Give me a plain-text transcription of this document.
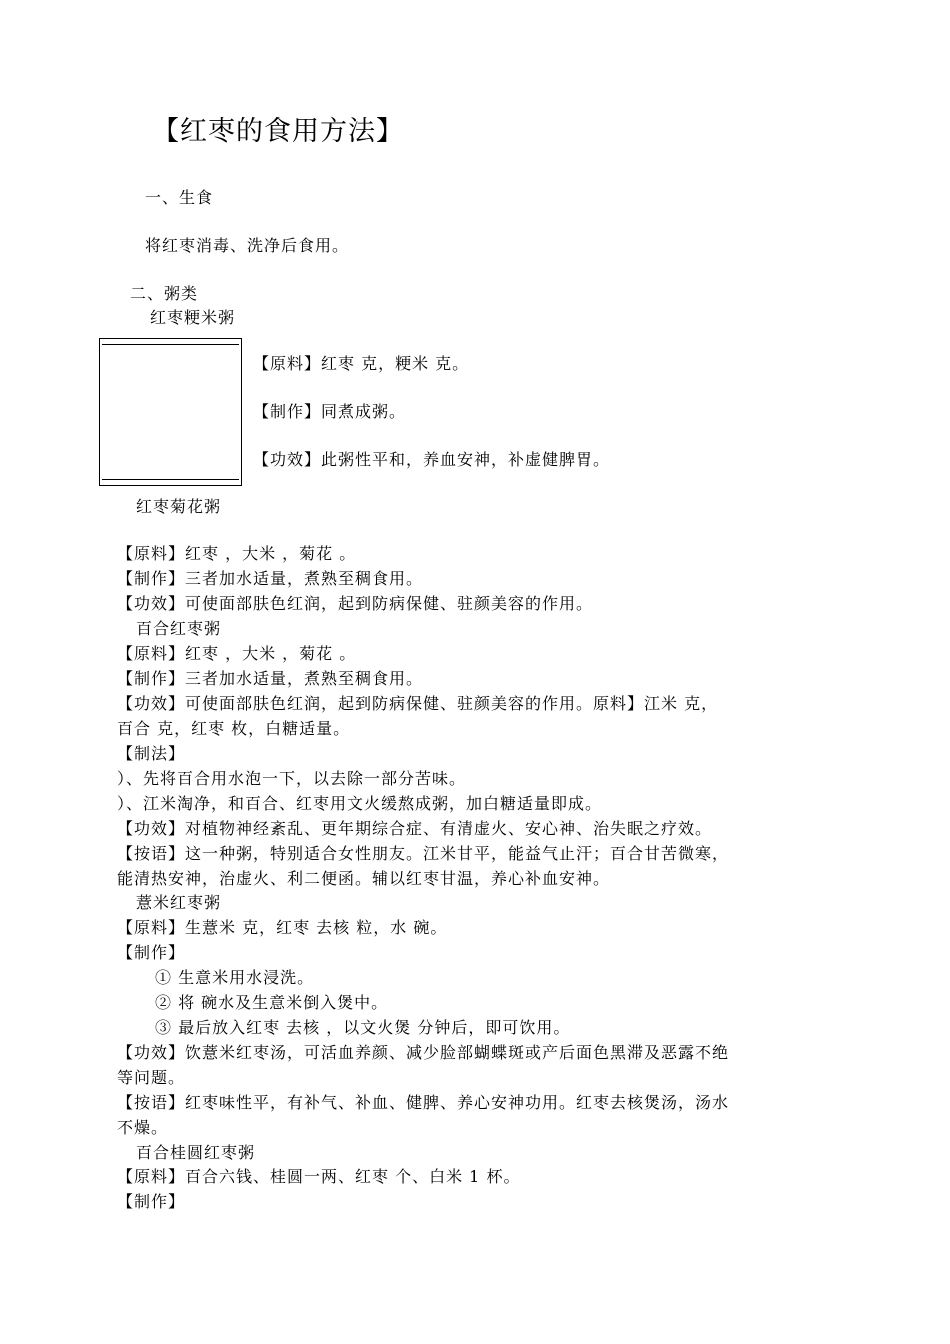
【红枣的食用方法】
一、生食
将红枣消毒、洗净后食用。
二、粥类
红枣粳米粥
【原料】红枣 克，粳米 克。
【制作】同煮成粥。
【功效】此粥性平和，养血安神，补虚健脾胃。
红枣菊花粥
【原料】红枣 ，大米 ，菊花 。
【制作】三者加水适量，煮熟至稠食用。
【功效】可使面部肤色红润，起到防病保健、驻颜美容的作用。
百合红枣粥
【原料】红枣 ，大米 ，菊花 。
【制作】三者加水适量，煮熟至稠食用。
【功效】可使面部肤色红润，起到防病保健、驻颜美容的作用。原料】江米 克，
百合 克，红枣 枚，白糖适量。
【制法】
）、先将百合用水泡一下，以去除一部分苦味。
）、江米淘净，和百合、红枣用文火缓熬成粥，加白糖适量即成。
【功效】对植物神经紊乱、更年期综合症、有清虚火、安心神、治失眠之疗效。
【按语】这一种粥，特别适合女性朋友。江米甘平，能益气止汗；百合甘苦微寒，
能清热安神，治虚火、利二便函。辅以红枣甘温，养心补血安神。
薏米红枣粥
【原料】生薏米 克，红枣 去核 粒，水 碗。
【制作】
① 生意米用水浸洗。
② 将 碗水及生意米倒入煲中。
③ 最后放入红枣 去核 ，以文火煲 分钟后，即可饮用。
【功效】饮薏米红枣汤，可活血养颜、减少脸部蝴蝶斑或产后面色黑滞及恶露不绝
等问题。
【按语】红枣味性平，有补气、补血、健脾、养心安神功用。红枣去核煲汤，汤水
不燥。
百合桂圆红枣粥
【原料】百合六钱、桂圆一两、红枣 个、白米 1 杯。
【制作】
